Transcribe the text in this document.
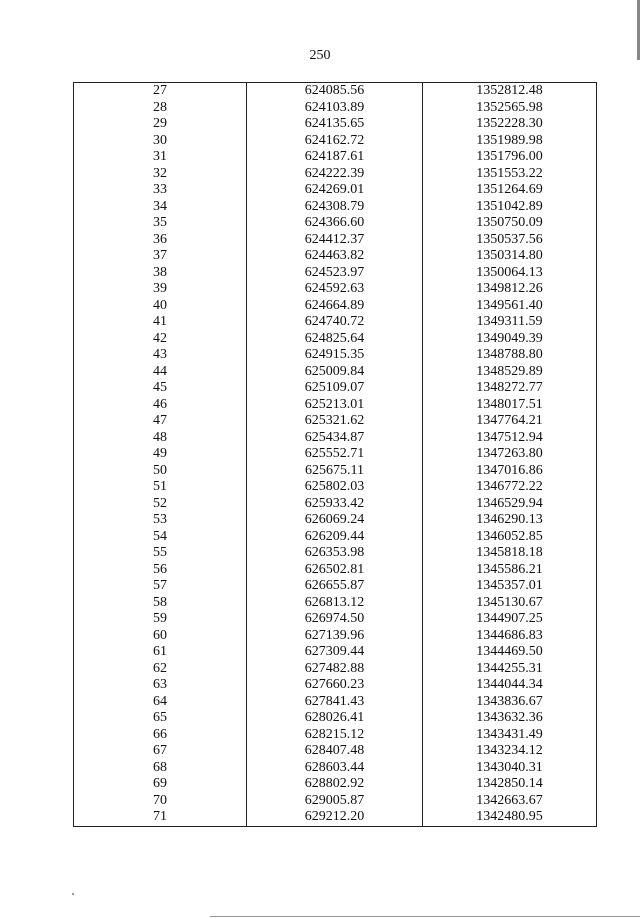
250
27	624085.56	1352812.48
28	624103.89	1352565.98
29	624135.65	1352228.30
30	624162.72	1351989.98
31	624187.61	1351796.00
32	624222.39	1351553.22
33	624269.01	1351264.69
34	624308.79	1351042.89
35	624366.60	1350750.09
36	624412.37	1350537.56
37	624463.82	1350314.80
38	624523.97	1350064.13
39	624592.63	1349812.26
40	624664.89	1349561.40
41	624740.72	1349311.59
42	624825.64	1349049.39
43	624915.35	1348788.80
44	625009.84	1348529.89
45	625109.07	1348272.77
46	625213.01	1348017.51
47	625321.62	1347764.21
48	625434.87	1347512.94
49	625552.71	1347263.80
50	625675.11	1347016.86
51	625802.03	1346772.22
52	625933.42	1346529.94
53	626069.24	1346290.13
54	626209.44	1346052.85
55	626353.98	1345818.18
56	626502.81	1345586.21
57	626655.87	1345357.01
58	626813.12	1345130.67
59	626974.50	1344907.25
60	627139.96	1344686.83
61	627309.44	1344469.50
62	627482.88	1344255.31
63	627660.23	1344044.34
64	627841.43	1343836.67
65	628026.41	1343632.36
66	628215.12	1343431.49
67	628407.48	1343234.12
68	628603.44	1343040.31
69	628802.92	1342850.14
70	629005.87	1342663.67
71	629212.20	1342480.95
